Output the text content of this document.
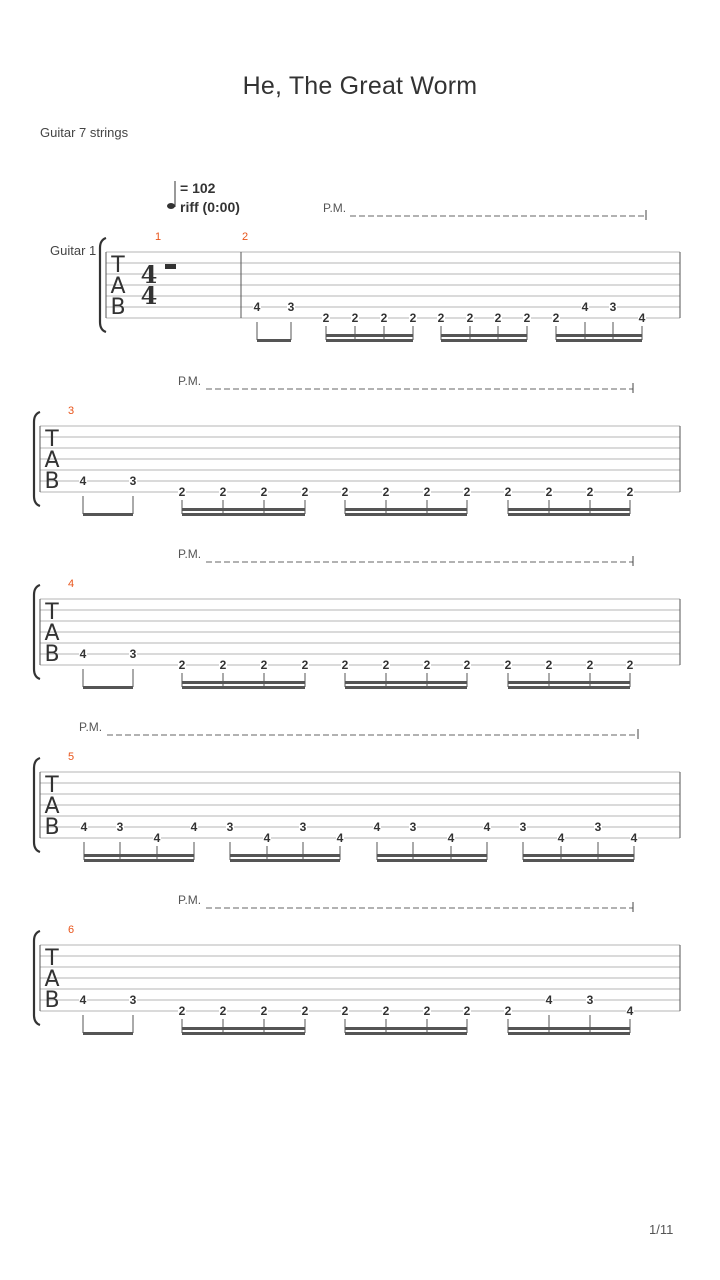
He, The Great Worm
Guitar 7 strings
= 102
riff (0:00)
1/11
T
A
B
Guitar 1
4
4
P.M.
1	2
4 3
2 2 2 2 2 2 2 2 2
4 3
4
T
A
B
P.M.
3
4	3
2	2	2	2	2	2	2	2	2	2	2	2
T
A
B
P.M.
4
4	3
2	2	2	2	2	2	2	2	2	2	2	2
T
A
B
P.M.
5
4 3
4
4 3
4
3
4
4 3
4
4 3
4
3
4
T
A
B
P.M.
6
4	3
2	2	2	2	2	2	2	2	2
4	3
4
